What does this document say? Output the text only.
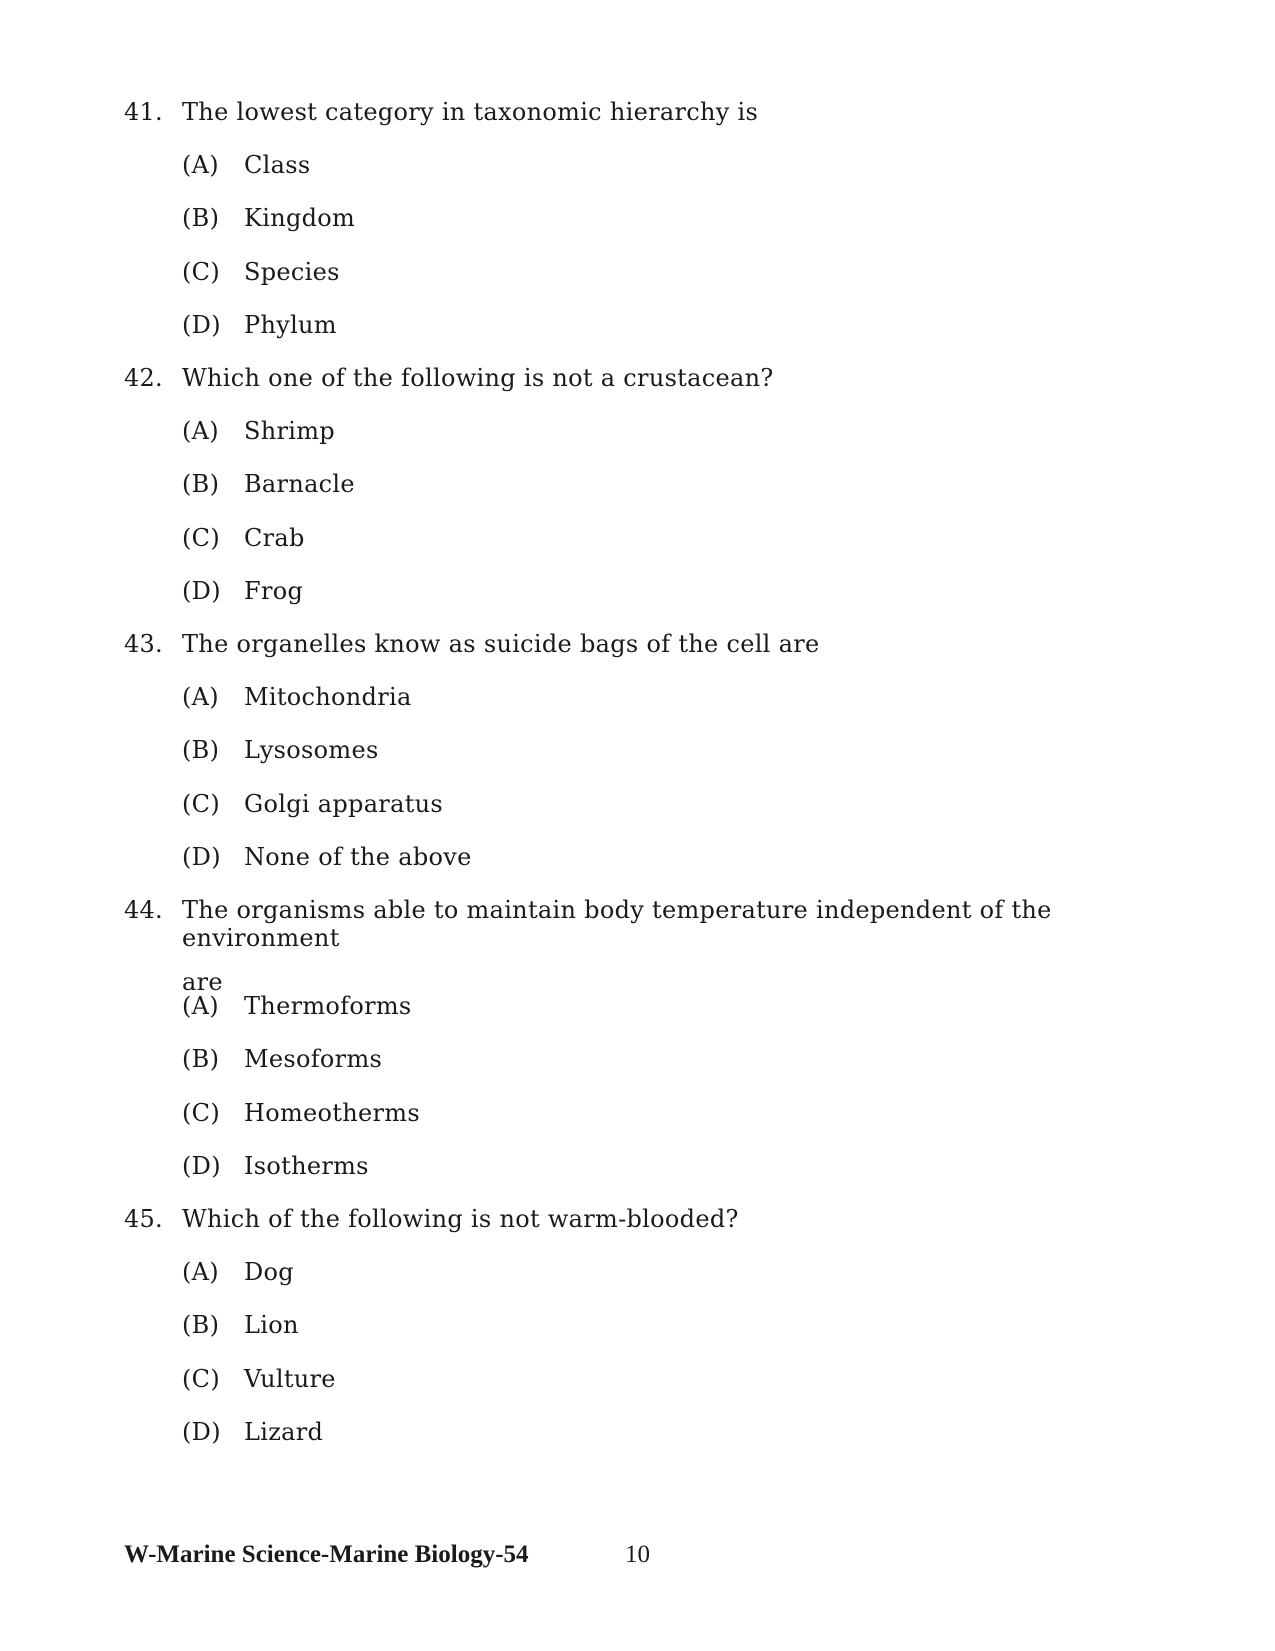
41. The lowest category in taxonomic hierarchy is
(A) Class
(B) Kingdom
(C) Species
(D) Phylum
42. Which one of the following is not a crustacean?
(A) Shrimp
(B) Barnacle
(C) Crab
(D) Frog
43. The organelles know as suicide bags of the cell are
(A) Mitochondria
(B) Lysosomes
(C) Golgi apparatus
(D) None of the above
44. The organisms able to maintain body temperature independent of the environment
are
(A) Thermoforms
(B) Mesoforms
(C) Homeotherms
(D) Isotherms
45. Which of the following is not warm-blooded?
(A) Dog
(B) Lion
(C) Vulture
(D) Lizard
W-Marine Science-Marine Biology-54	10
